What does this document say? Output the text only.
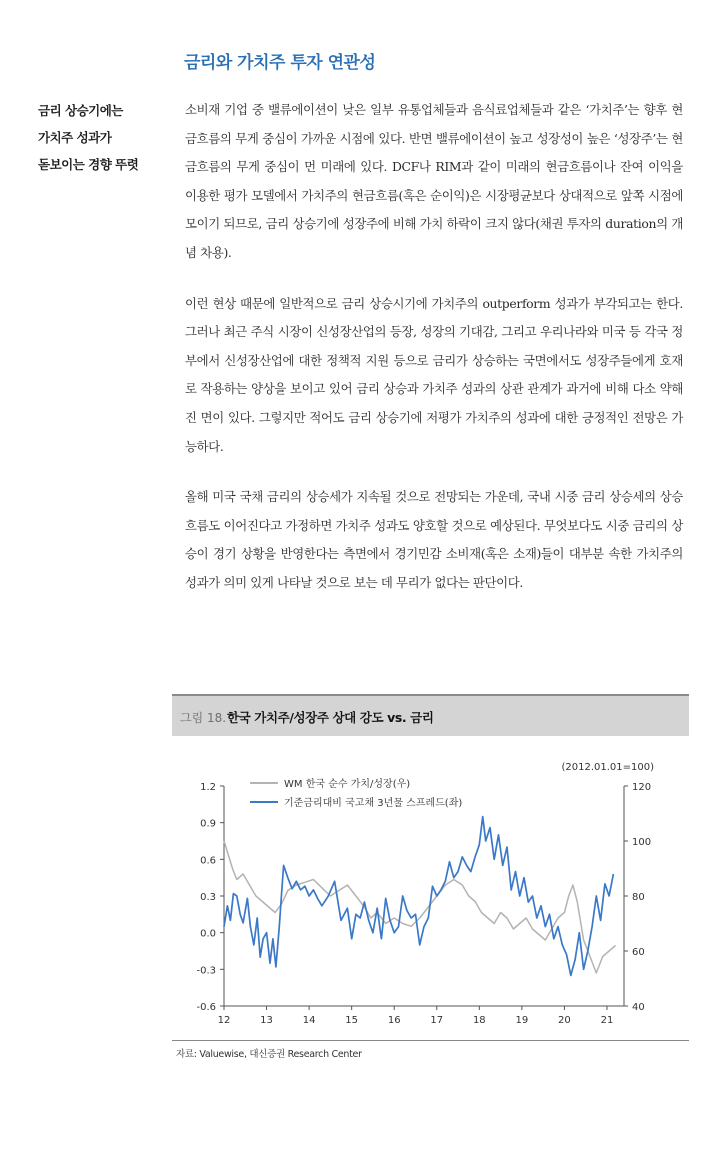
금리와 가치주 투자 연관성
금리 상승기에는
가치주 성과가
돋보이는 경향 뚜렷

소비재 기업 중 밸류에이션이 낮은 일부 유통업체들과 음식료업체들과 같은 ‘가치주’는 향후 현금흐름의 무게 중심이 가까운 시점에 있다. 반면 밸류에이션이 높고 성장성이 높은 ‘성장주’는 현금흐름의 무게 중심이 먼 미래에 있다. DCF나 RIM과 같이 미래의 현금흐름이나 잔여 이익을 이용한 평가 모델에서 가치주의 현금흐름(혹은 순이익)은 시장평균보다 상대적으로 앞쪽 시점에 모이기 되므로, 금리 상승기에 성장주에 비해 가치 하락이 크지 않다(채권 투자의 duration의 개념 차용).

이런 현상 때문에 일반적으로 금리 상승시기에 가치주의 outperform 성과가 부각되고는 한다. 그러나 최근 주식 시장이 신성장산업의 등장, 성장의 기대감, 그리고 우리나라와 미국 등 각국 정부에서 신성장산업에 대한 정책적 지원 등으로 금리가 상승하는 국면에서도 성장주들에게 호재로 작용하는 양상을 보이고 있어 금리 상승과 가치주 성과의 상관 관계가 과거에 비해 다소 약해진 면이 있다. 그렇지만 적어도 금리 상승기에 저평가 가치주의 성과에 대한 긍정적인 전망은 가능하다.

올해 미국 국채 금리의 상승세가 지속될 것으로 전망되는 가운데, 국내 시중 금리 상승세의 상승흐름도 이어진다고 가정하면 가치주 성과도 양호할 것으로 예상된다. 무엇보다도 시중 금리의 상승이 경기 상황을 반영한다는 측면에서 경기민감 소비재(혹은 소재)들이 대부분 속한 가치주의 성과가 의미 있게 나타날 것으로 보는 데 무리가 없다는 판단이다.

그림 18. 한국 가치주/성장주 상대 강도 vs. 금리
1.2
0.9
0.6
0.3
0.0
-0.3
-0.6
120
100
80
60
40
12	13	14	15	16	17	18	19	20	21
(2012.01.01=100)
WM 한국 순수 가치/성장(우)
기준금리대비 국고채 3년물 스프레드(좌)
자료: Valuewise, 대신증권 Research Center
